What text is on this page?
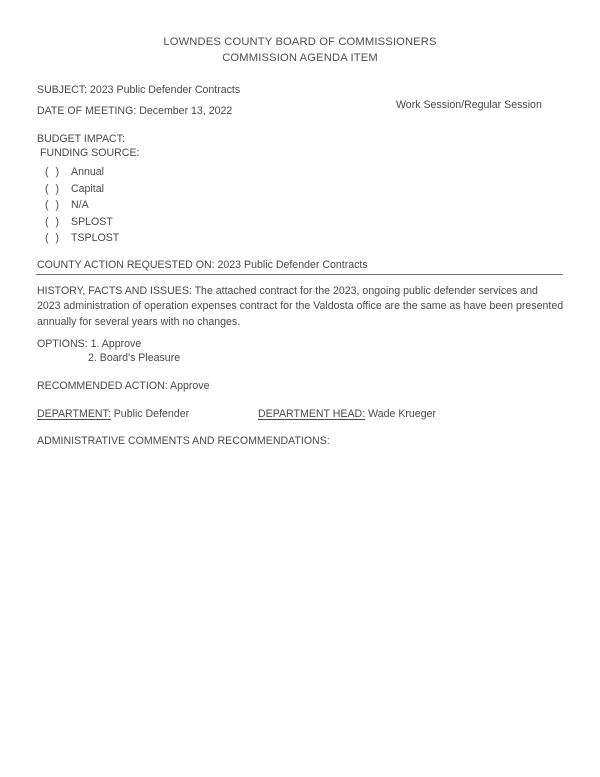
LOWNDES COUNTY BOARD OF COMMISSIONERS
COMMISSION AGENDA ITEM
SUBJECT: 2023 Public Defender Contracts
DATE OF MEETING: December 13, 2022	Work Session/Regular Session
BUDGET IMPACT:
FUNDING SOURCE:
( ) Annual
( ) Capital
( ) N/A
( ) SPLOST
( ) TSPLOST
COUNTY ACTION REQUESTED ON: 2023 Public Defender Contracts
HISTORY, FACTS AND ISSUES: The attached contract for the 2023, ongoing public defender services and 2023 administration of operation expenses contract for the Valdosta office are the same as have been presented annually for several years with no changes.
OPTIONS: 1. Approve
2. Board's Pleasure
RECOMMENDED ACTION: Approve
DEPARTMENT: Public Defender	DEPARTMENT HEAD: Wade Krueger
ADMINISTRATIVE COMMENTS AND RECOMMENDATIONS:
